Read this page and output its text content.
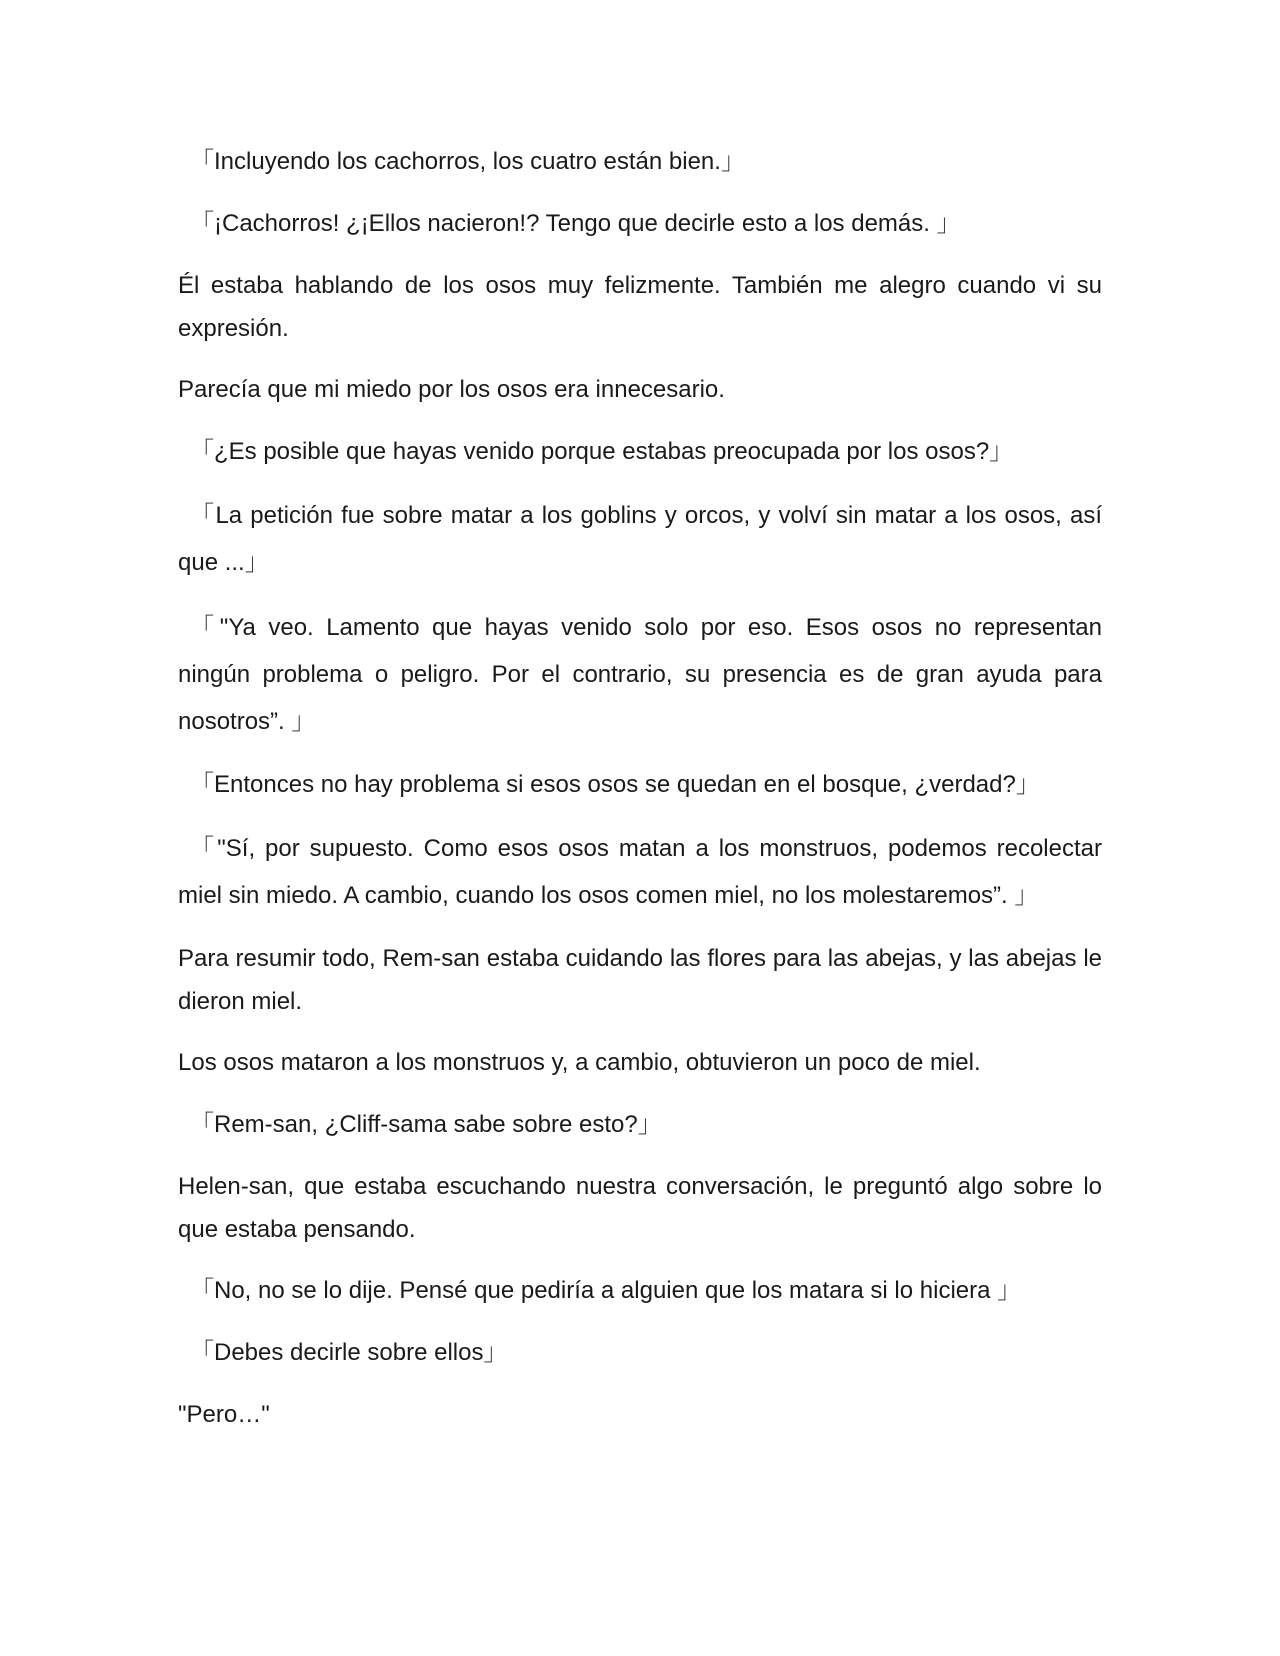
「Incluyendo los cachorros, los cuatro están bien.」

「¡Cachorros! ¿¡Ellos nacieron!? Tengo que decirle esto a los demás. 」

Él estaba hablando de los osos muy felizmente. También me alegro cuando vi su expresión.

Parecía que mi miedo por los osos era innecesario.

「¿Es posible que hayas venido porque estabas preocupada por los osos?」

「La petición fue sobre matar a los goblins y orcos, y volví sin matar a los osos, así que ...」

「"Ya veo. Lamento que hayas venido solo por eso. Esos osos no representan ningún problema o peligro. Por el contrario, su presencia es de gran ayuda para nosotros”. 」

「Entonces no hay problema si esos osos se quedan en el bosque, ¿verdad?」

「"Sí, por supuesto. Como esos osos matan a los monstruos, podemos recolectar miel sin miedo. A cambio, cuando los osos comen miel, no los molestaremos”. 」

Para resumir todo, Rem-san estaba cuidando las flores para las abejas, y las abejas le dieron miel.

Los osos mataron a los monstruos y, a cambio, obtuvieron un poco de miel.

「Rem-san, ¿Cliff-sama sabe sobre esto?」

Helen-san, que estaba escuchando nuestra conversación, le preguntó algo sobre lo que estaba pensando.

「No, no se lo dije. Pensé que pediría a alguien que los matara si lo hiciera 」

「Debes decirle sobre ellos」

"Pero…"
